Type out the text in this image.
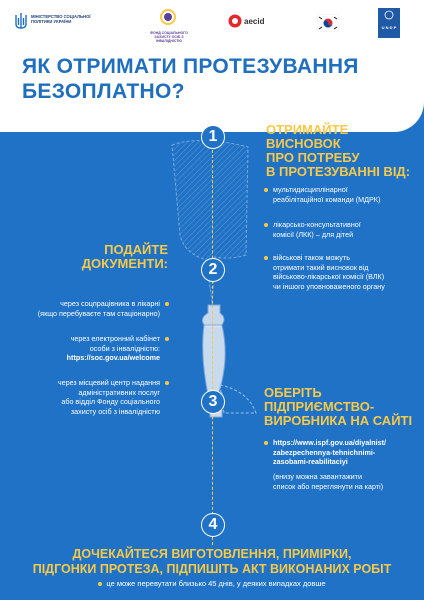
МІНІСТЕРСТВО СОЦІАЛЬНОЇ ПОЛІТИКИ УКРАЇНИ
ФОНД СОЦІАЛЬНОГО ЗАХИСТУ ОСІБ З ІНВАЛІДНІСТЮ
aecid
U N D P
ЯК ОТРИМАТИ ПРОТЕЗУВАННЯ
БЕЗОПЛАТНО?
1	ОТРИМАЙТЕ
ВИСНОВОК
ПРО ПОТРЕБУ
В ПРОТЕЗУВАННІ ВІД:
мультидисциплінарної
реабілітаційної команди (МДРК)
лікарсько-консультативної
комісії (ЛКК) – для дітей
військові також можуть
отримати такий висновок від
військово-лікарської комісії (ВЛК)
чи іншого уповноваженого органу
2
ПОДАЙТЕ
ДОКУМЕНТИ:
через соцпрацівника в лікарні
(якщо перебуваєте там стаціонарно)
через електронний кабінет
особи з інвалідністю:
https://soc.gov.ua/welcome
через місцевий центр надання
адміністративних послуг
або відділ Фонду соціального
захисту осіб з інвалідністю
3
ОБЕРІТЬ
ПІДПРИЄМСТВО-
ВИРОБНИКА НА САЙТІ
https://www.ispf.gov.ua/diyalnist/
zabezpechennya-tehnichnimi-
zasobami-reabilitaciyi
(внизу можна завантажити
список або переглянути на карті)
4
ДОЧЕКАЙТЕСЯ ВИГОТОВЛЕННЯ, ПРИМІРКИ,
ПІДГОНКИ ПРОТЕЗА, ПІДПИШІТЬ АКТ ВИКОНАНИХ РОБІТ
це може перевутати близько 45 днів, у деяких випадках довше
